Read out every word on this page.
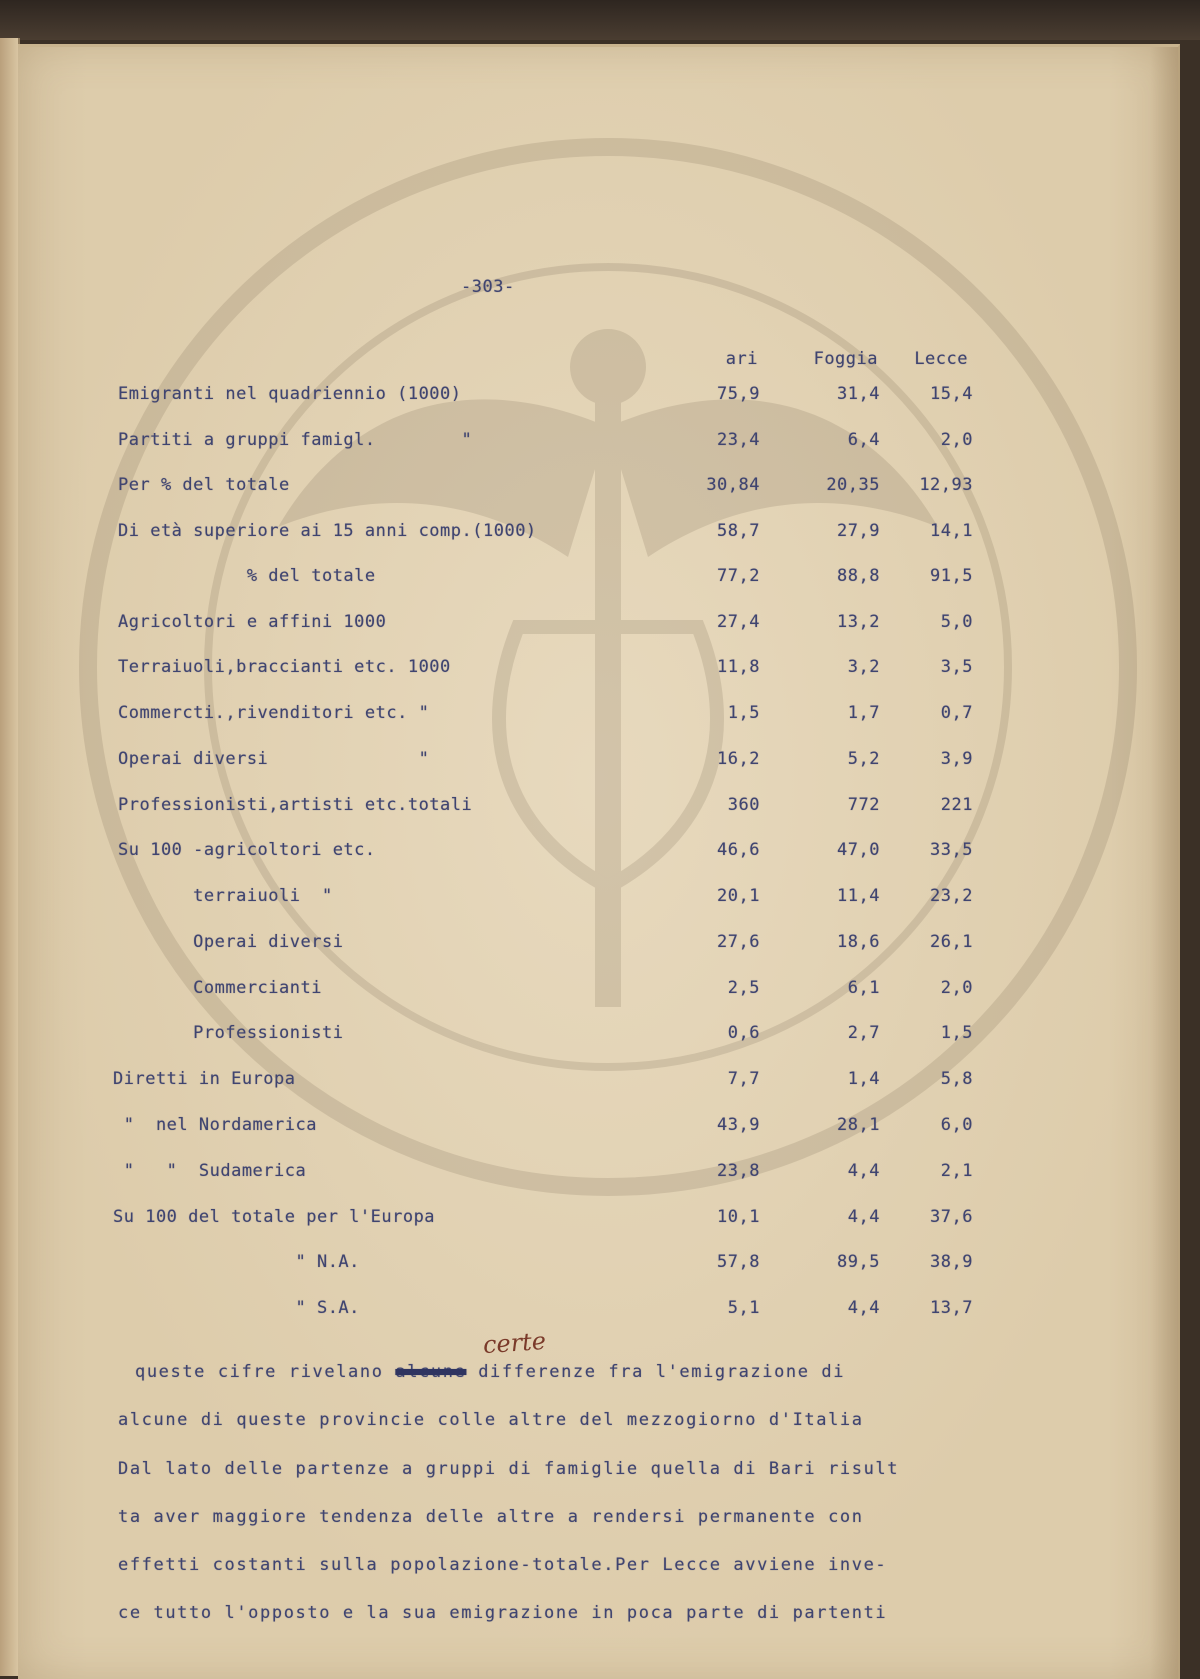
-303-
ari	Foggia	Lecce
Emigranti nel quadriennio (1000)	75,9	31,4	15,4
Partiti a gruppi famigl.        "	23,4	6,4	2,0
Per % del totale	30,84	20,35	12,93
Di età superiore ai 15 anni comp.(1000)	58,7	27,9	14,1
% del totale	77,2	88,8	91,5
Agricoltori e affini 1000	27,4	13,2	5,0
Terraiuoli,braccianti etc. 1000	11,8	3,2	3,5
Commercti.,rivenditori etc. "	1,5	1,7	0,7
Operai diversi              "	16,2	5,2	3,9
Professionisti,artisti etc.totali	360	772	221
Su 100 -agricoltori etc.	46,6	47,0	33,5
terraiuoli  "	20,1	11,4	23,2
Operai diversi	27,6	18,6	26,1
Commercianti	2,5	6,1	2,0
Professionisti	0,6	2,7	1,5
Diretti in Europa	7,7	1,4	5,8
"  nel Nordamerica	43,9	28,1	6,0
"   "  Sudamerica	23,8	4,4	2,1
Su 100 del totale per l'Europa	10,1	4,4	37,6
" N.A.	57,8	89,5	38,9
" S.A.	5,1	4,4	13,7
certe
queste cifre rivelano alcune differenze fra l'emigrazione di
alcune di queste provincie colle altre del mezzogiorno d'Italia
Dal lato delle partenze a gruppi di famiglie quella di Bari risult
ta aver maggiore tendenza delle altre a rendersi permanente con
effetti costanti sulla popolazione-totale.Per Lecce avviene inve-
ce tutto l'opposto e la sua emigrazione in poca parte di partenti
